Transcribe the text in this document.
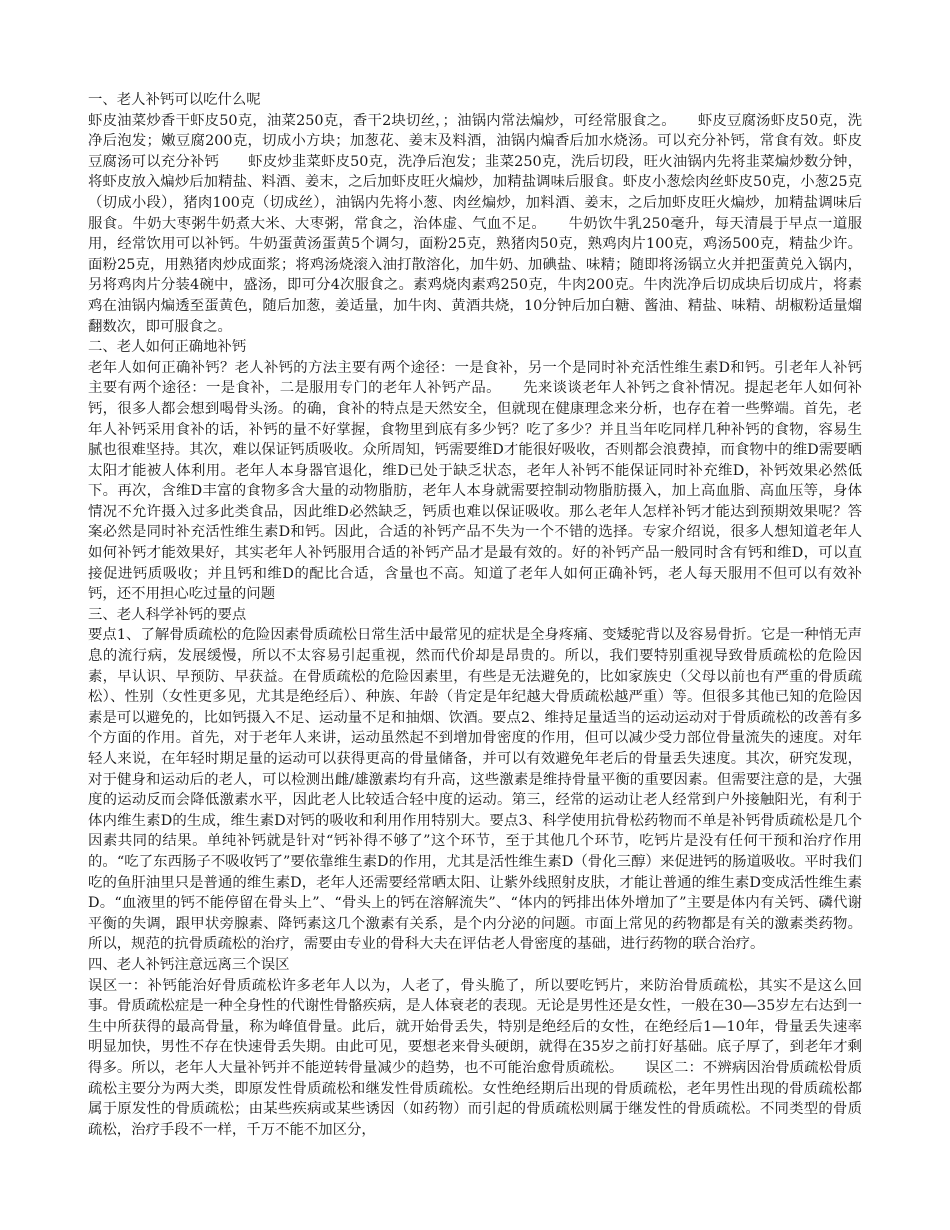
一、老人补钙可以吃什么呢

虾皮油菜炒香干虾皮50克，油菜250克，香干2块切丝，；油锅内常法煸炒，可经常服食之。　　虾皮豆腐汤虾皮50克，洗净后泡发；嫩豆腐200克，切成小方块；加葱花、姜末及料酒，油锅内煸香后加水烧汤。可以充分补钙，常食有效。虾皮豆腐汤可以充分补钙　　虾皮炒韭菜虾皮50克，洗净后泡发；韭菜250克，洗后切段，旺火油锅内先将韭菜煸炒数分钟，将虾皮放入煸炒后加精盐、料酒、姜末，之后加虾皮旺火煸炒，加精盐调味后服食。虾皮小葱烩肉丝虾皮50克，小葱25克（切成小段），猪肉100克（切成丝），油锅内先将小葱、肉丝煸炒，加料酒、姜末，之后加虾皮旺火煸炒，加精盐调味后服食。牛奶大枣粥牛奶煮大米、大枣粥，常食之，治体虚、气血不足。　　牛奶饮牛乳250毫升，每天清晨于早点一道服用，经常饮用可以补钙。牛奶蛋黄汤蛋黄5个调匀，面粉25克，熟猪肉50克，熟鸡肉片100克，鸡汤500克，精盐少许。面粉25克，用熟猪肉炒成面浆；将鸡汤烧滚入油打散溶化，加牛奶、加碘盐、味精；随即将汤锅立火并把蛋黄兑入锅内，另将鸡肉片分装4碗中，盛汤，即可分4次服食之。素鸡烧肉素鸡250克，牛肉200克。牛肉洗净后切成块后切成片，将素鸡在油锅内煸透至蛋黄色，随后加葱，姜适量，加牛肉、黄酒共烧，10分钟后加白糖、酱油、精盐、味精、胡椒粉适量熘翻数次，即可服食之。

二、老人如何正确地补钙

老年人如何正确补钙？老人补钙的方法主要有两个途径：一是食补，另一个是同时补充活性维生素D和钙。引老年人补钙主要有两个途径：一是食补，二是服用专门的老年人补钙产品。　　先来谈谈老年人补钙之食补情况。提起老年人如何补钙，很多人都会想到喝骨头汤。的确，食补的特点是天然安全，但就现在健康理念来分析，也存在着一些弊端。首先，老年人补钙采用食补的话，补钙的量不好掌握，食物里到底有多少钙？吃了多少？并且当年吃同样几种补钙的食物，容易生腻也很难坚持。其次，难以保证钙质吸收。众所周知，钙需要维D才能很好吸收，否则都会浪费掉，而食物中的维D需要晒太阳才能被人体利用。老年人本身器官退化，维D已处于缺乏状态，老年人补钙不能保证同时补充维D，补钙效果必然低下。再次，含维D丰富的食物多含大量的动物脂肪，老年人本身就需要控制动物脂肪摄入，加上高血脂、高血压等，身体情况不允许摄入过多此类食品，因此维D必然缺乏，钙质也难以保证吸收。那么老年人怎样补钙才能达到预期效果呢？答案必然是同时补充活性维生素D和钙。因此，合适的补钙产品不失为一个不错的选择。专家介绍说，很多人想知道老年人如何补钙才能效果好，其实老年人补钙服用合适的补钙产品才是最有效的。好的补钙产品一般同时含有钙和维D，可以直接促进钙质吸收；并且钙和维D的配比合适，含量也不高。知道了老年人如何正确补钙，老人每天服用不但可以有效补钙，还不用担心吃过量的问题

三、老人科学补钙的要点

要点1、了解骨质疏松的危险因素骨质疏松日常生活中最常见的症状是全身疼痛、变矮驼背以及容易骨折。它是一种悄无声息的流行病，发展缓慢，所以不太容易引起重视，然而代价却是昂贵的。所以，我们要特别重视导致骨质疏松的危险因素，早认识、早预防、早获益。在骨质疏松的危险因素里，有些是无法避免的，比如家族史（父母以前也有严重的骨质疏松）、性别（女性更多见，尤其是绝经后）、种族、年龄（肯定是年纪越大骨质疏松越严重）等。但很多其他已知的危险因素是可以避免的，比如钙摄入不足、运动量不足和抽烟、饮酒。要点2、维持足量适当的运动运动对于骨质疏松的改善有多个方面的作用。首先，对于老年人来讲，运动虽然起不到增加骨密度的作用，但可以减少受力部位骨量流失的速度。对年轻人来说，在年轻时期足量的运动可以获得更高的骨量储备，并可以有效避免年老后的骨量丢失速度。其次，研究发现，对于健身和运动后的老人，可以检测出雌/雄激素均有升高，这些激素是维持骨量平衡的重要因素。但需要注意的是，大强度的运动反而会降低激素水平，因此老人比较适合轻中度的运动。第三，经常的运动让老人经常到户外接触阳光，有利于体内维生素D的生成，维生素D对钙的吸收和利用作用特别大。要点3、科学使用抗骨松药物而不单是补钙骨质疏松是几个因素共同的结果。单纯补钙就是针对“钙补得不够了”这个环节，至于其他几个环节，吃钙片是没有任何干预和治疗作用的。“吃了东西肠子不吸收钙了”要依靠维生素D的作用，尤其是活性维生素D（骨化三醇）来促进钙的肠道吸收。平时我们吃的鱼肝油里只是普通的维生素D，老年人还需要经常晒太阳、让紫外线照射皮肤，才能让普通的维生素D变成活性维生素D。“血液里的钙不能停留在骨头上”、“骨头上的钙在溶解流失”、“体内的钙排出体外增加了”主要是体内有关钙、磷代谢平衡的失调，跟甲状旁腺素、降钙素这几个激素有关系，是个内分泌的问题。市面上常见的药物都是有关的激素类药物。所以，规范的抗骨质疏松的治疗，需要由专业的骨科大夫在评估老人骨密度的基础，进行药物的联合治疗。

四、老人补钙注意远离三个误区

误区一：补钙能治好骨质疏松许多老年人以为，人老了，骨头脆了，所以要吃钙片，来防治骨质疏松，其实不是这么回事。骨质疏松症是一种全身性的代谢性骨骼疾病，是人体衰老的表现。无论是男性还是女性，一般在30—35岁左右达到一生中所获得的最高骨量，称为峰值骨量。此后，就开始骨丢失，特别是绝经后的女性，在绝经后1—10年，骨量丢失速率明显加快，男性不存在快速骨丢失期。由此可见，要想老来骨头硬朗，就得在35岁之前打好基础。底子厚了，到老年才剩得多。所以，老年人大量补钙并不能逆转骨量减少的趋势，也不可能治愈骨质疏松。　　误区二：不辨病因治骨质疏松骨质疏松主要分为两大类，即原发性骨质疏松和继发性骨质疏松。女性绝经期后出现的骨质疏松，老年男性出现的骨质疏松都属于原发性的骨质疏松；由某些疾病或某些诱因（如药物）而引起的骨质疏松则属于继发性的骨质疏松。不同类型的骨质疏松，治疗手段不一样，千万不能不加区分，
